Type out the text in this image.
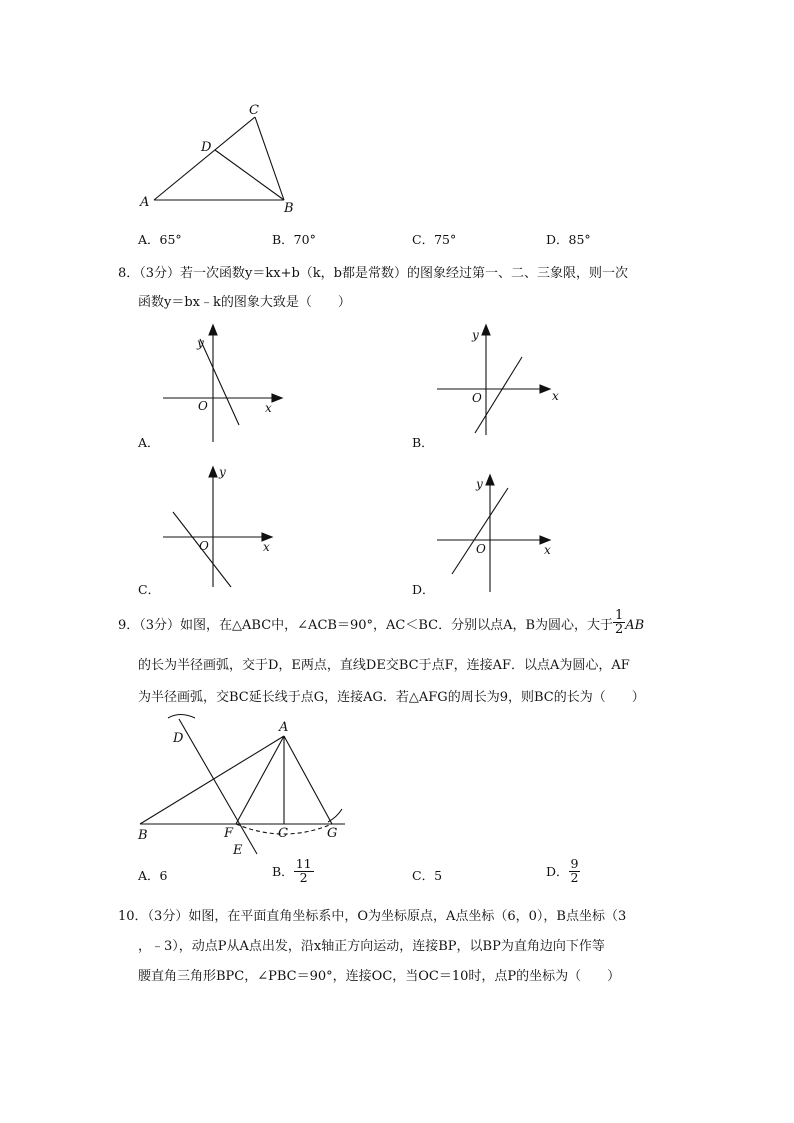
A	B
C
D
A．65°	B．70°	C．75°	D．85°
8．（3分）若一次函数y＝kx+b（k，b都是常数）的图象经过第一、二、三象限，则一次
函数y＝bx﹣k的图象大致是（　　）
y
x
O
A．
y
x
O
B．
y
x
O
C．
y
x
O
D．
9．（3分）如图，在△ABC中，∠ACB＝90°，AC＜BC．分别以点A，B为圆心，大于 $\frac{1}{2}$ AB
的长为半径画弧，交于D，E两点，直线DE交BC于点F，连接AF．以点A为圆心，AF
为半径画弧，交BC延长线于点G，连接AG．若△AFG的周长为9，则BC的长为（　　）
D
A
B	F	C	G
E
A．6	B． $\frac{11}{2}$	C．5	D． $\frac{9}{2}$
10．（3分）如图，在平面直角坐标系中，O为坐标原点，A点坐标（6，0），B点坐标（3
，﹣3），动点P从A点出发，沿x轴正方向运动，连接BP，以BP为直角边向下作等
腰直角三角形BPC，∠PBC＝90°，连接OC，当OC＝10时，点P的坐标为（　　）
